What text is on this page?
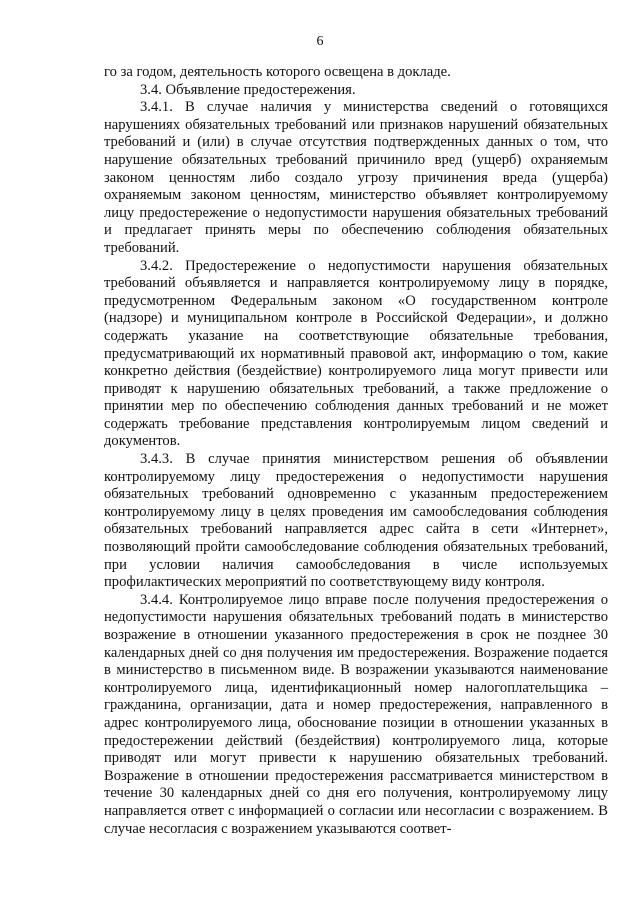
6

го за годом, деятельность которого освещена в докладе.

3.4. Объявление предостережения.

3.4.1. В случае наличия у министерства сведений о готовящихся нарушениях обязательных требований или признаков нарушений обязательных требований и (или) в случае отсутствия подтвержденных данных о том, что нарушение обязательных требований причинило вред (ущерб) охраняемым законом ценностям либо создало угрозу причинения вреда (ущерба) охраняемым законом ценностям, министерство объявляет контролируемому лицу предостережение о недопустимости нарушения обязательных требований и предлагает принять меры по обеспечению соблюдения обязательных требований.

3.4.2. Предостережение о недопустимости нарушения обязательных требований объявляется и направляется контролируемому лицу в порядке, предусмотренном Федеральным законом «О государственном контроле (надзоре) и муниципальном контроле в Российской Федерации», и должно содержать указание на соответствующие обязательные требования, предусматривающий их нормативный правовой акт, информацию о том, какие конкретно действия (бездействие) контролируемого лица могут привести или приводят к нарушению обязательных требований, а также предложение о принятии мер по обеспечению соблюдения данных требований и не может содержать требование представления контролируемым лицом сведений и документов.

3.4.3. В случае принятия министерством решения об объявлении контролируемому лицу предостережения о недопустимости нарушения обязательных требований одновременно с указанным предостережением контролируемому лицу в целях проведения им самообследования соблюдения обязательных требований направляется адрес сайта в сети «Интернет», позволяющий пройти самообследование соблюдения обязательных требований, при условии наличия самообследования в числе используемых профилактических мероприятий по соответствующему виду контроля.

3.4.4. Контролируемое лицо вправе после получения предостережения о недопустимости нарушения обязательных требований подать в министерство возражение в отношении указанного предостережения в срок не позднее 30 календарных дней со дня получения им предостережения. Возражение подается в министерство в письменном виде. В возражении указываются наименование контролируемого лица, идентификационный номер налогоплательщика – гражданина, организации, дата и номер предостережения, направленного в адрес контролируемого лица, обоснование позиции в отношении указанных в предостережении действий (бездействия) контролируемого лица, которые приводят или могут привести к нарушению обязательных требований. Возражение в отношении предостережения рассматривается министерством в течение 30 календарных дней со дня его получения, контролируемому лицу направляется ответ с информацией о согласии или несогласии с возражением. В случае несогласия с возражением указываются соответ-
